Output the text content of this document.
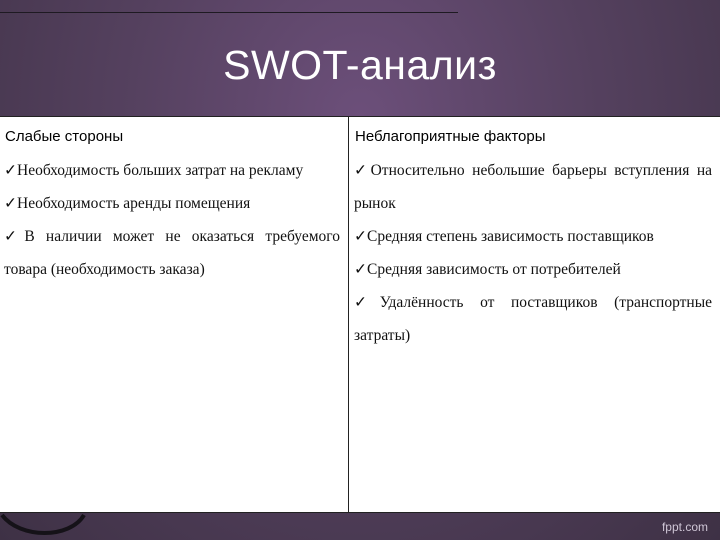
SWOT-анализ
Слабые стороны
✓Необходимость больших затрат на рекламу
✓Необходимость аренды помещения
✓В наличии может не оказаться требуемого товара (необходимость заказа)
Неблагоприятные факторы
✓Относительно небольшие барьеры вступления на рынок
✓Средняя степень зависимость поставщиков
✓Средняя зависимость от потребителей
✓Удалённость от поставщиков (транспортные затраты)
fppt.com
